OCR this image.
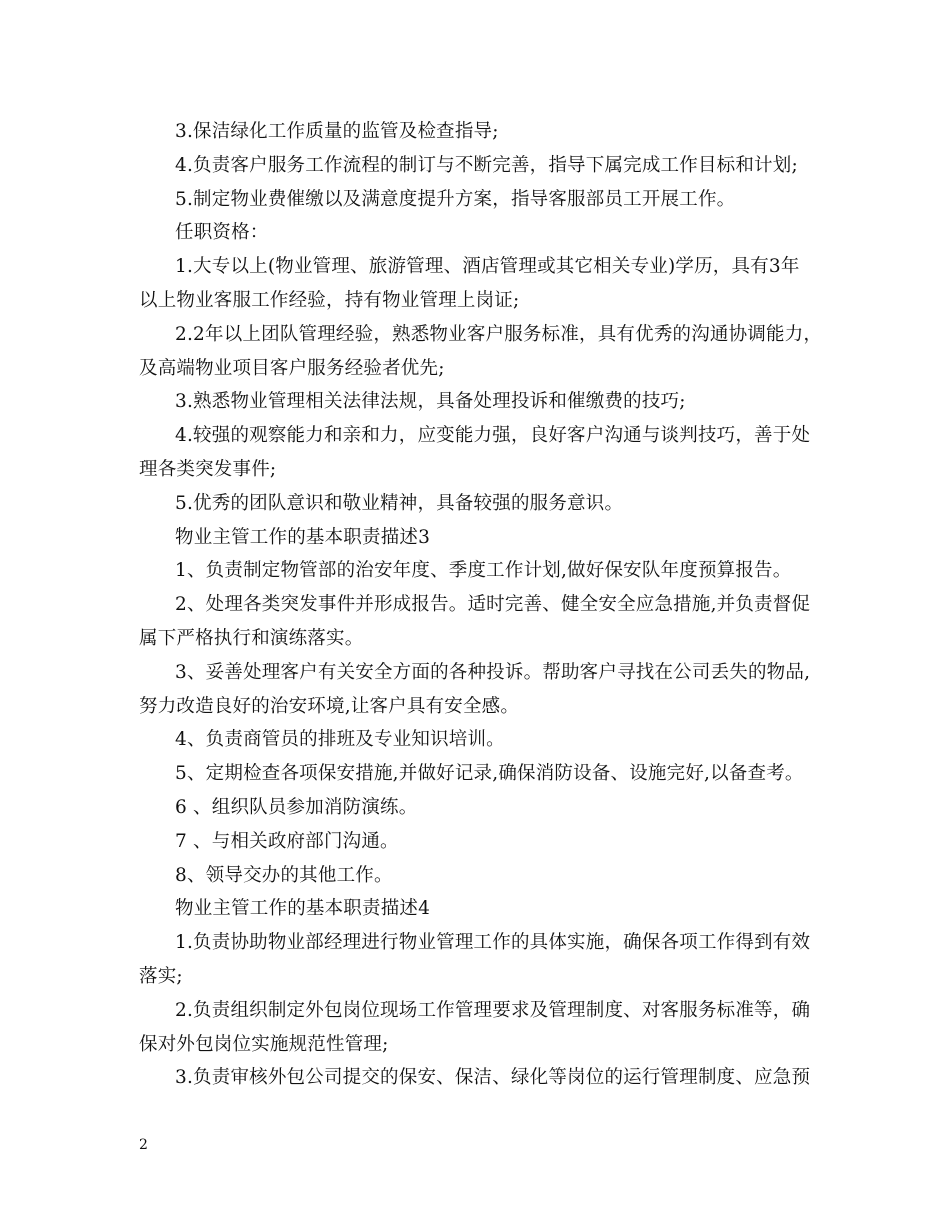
3.保洁绿化工作质量的监管及检查指导;
4.负责客户服务工作流程的制订与不断完善，指导下属完成工作目标和计划;
5.制定物业费催缴以及满意度提升方案，指导客服部员工开展工作。
任职资格：
1.大专以上(物业管理、旅游管理、酒店管理或其它相关专业)学历，具有3年
以上物业客服工作经验，持有物业管理上岗证;
2.2年以上团队管理经验，熟悉物业客户服务标准，具有优秀的沟通协调能力，
及高端物业项目客户服务经验者优先;
3.熟悉物业管理相关法律法规，具备处理投诉和催缴费的技巧;
4.较强的观察能力和亲和力，应变能力强，良好客户沟通与谈判技巧，善于处
理各类突发事件;
5.优秀的团队意识和敬业精神，具备较强的服务意识。
物业主管工作的基本职责描述3
1、负责制定物管部的治安年度、季度工作计划,做好保安队年度预算报告。
2、处理各类突发事件并形成报告。适时完善、健全安全应急措施,并负责督促
属下严格执行和演练落实。
3、妥善处理客户有关安全方面的各种投诉。帮助客户寻找在公司丢失的物品,
努力改造良好的治安环境,让客户具有安全感。
4、负责商管员的排班及专业知识培训。
5、定期检查各项保安措施,并做好记录,确保消防设备、设施完好,以备查考。
6 、组织队员参加消防演练。
7 、与相关政府部门沟通。
8、领导交办的其他工作。
物业主管工作的基本职责描述4
1.负责协助物业部经理进行物业管理工作的具体实施，确保各项工作得到有效
落实;
2.负责组织制定外包岗位现场工作管理要求及管理制度、对客服务标准等，确
保对外包岗位实施规范性管理;
3.负责审核外包公司提交的保安、保洁、绿化等岗位的运行管理制度、应急预
2
